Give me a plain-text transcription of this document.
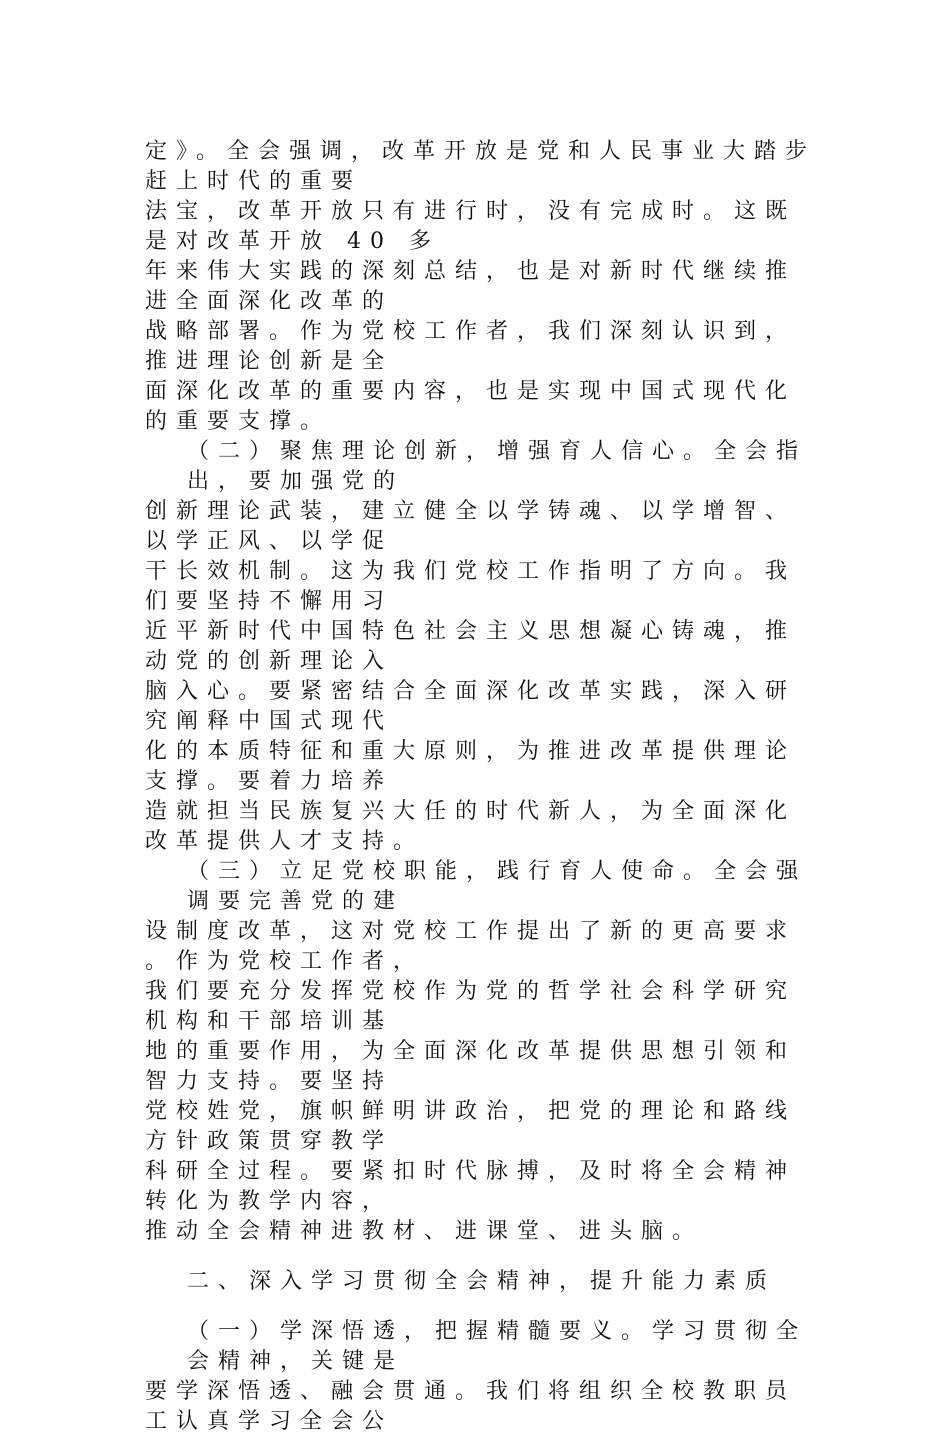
定》。全会强调，改革开放是党和人民事业大踏步赶上时代的重要
法宝，改革开放只有进行时，没有完成时。这既是对改革开放 40 多
年来伟大实践的深刻总结，也是对新时代继续推进全面深化改革的
战略部署。作为党校工作者，我们深刻认识到，推进理论创新是全
面深化改革的重要内容，也是实现中国式现代化的重要支撑。
（二）聚焦理论创新，增强育人信心。全会指出，要加强党的
创新理论武装，建立健全以学铸魂、以学增智、以学正风、以学促
干长效机制。这为我们党校工作指明了方向。我们要坚持不懈用习
近平新时代中国特色社会主义思想凝心铸魂，推动党的创新理论入
脑入心。要紧密结合全面深化改革实践，深入研究阐释中国式现代
化的本质特征和重大原则，为推进改革提供理论支撑。要着力培养
造就担当民族复兴大任的时代新人，为全面深化改革提供人才支持。
（三）立足党校职能，践行育人使命。全会强调要完善党的建
设制度改革，这对党校工作提出了新的更高要求。作为党校工作者，
我们要充分发挥党校作为党的哲学社会科学研究机构和干部培训基
地的重要作用，为全面深化改革提供思想引领和智力支持。要坚持
党校姓党，旗帜鲜明讲政治，把党的理论和路线方针政策贯穿教学
科研全过程。要紧扣时代脉搏，及时将全会精神转化为教学内容，
推动全会精神进教材、进课堂、进头脑。
二、深入学习贯彻全会精神，提升能力素质
（一）学深悟透，把握精髓要义。学习贯彻全会精神，关键是
要学深悟透、融会贯通。我们将组织全校教职员工认真学习全会公
